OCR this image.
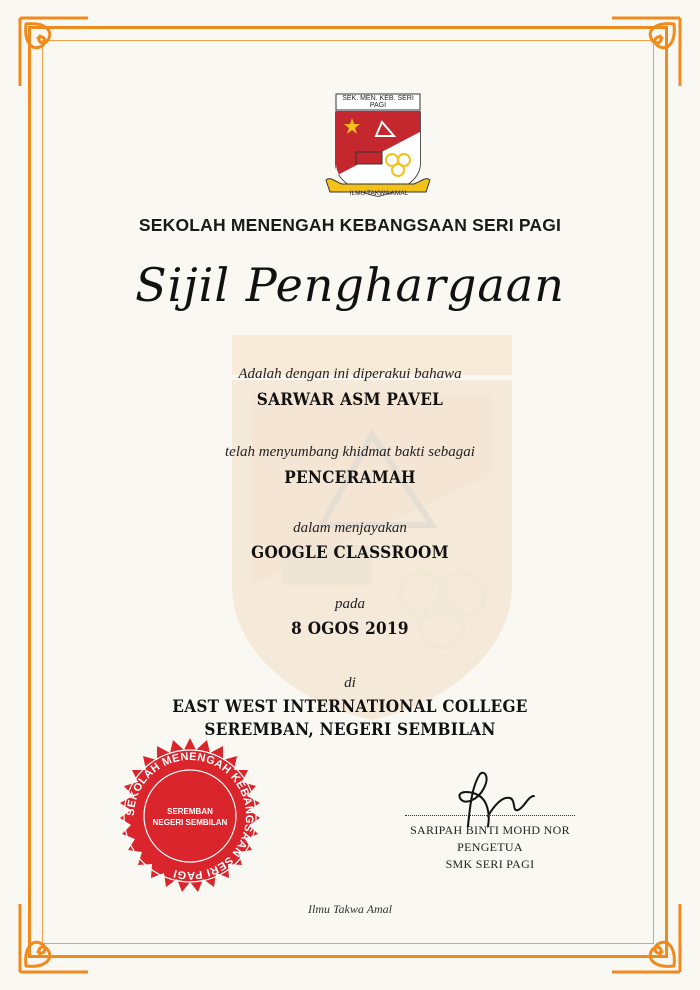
SEK. MEN. KEB. SERI PAGI
ILMU TAKWA AMAL
SEKOLAH MENENGAH KEBANGSAAN SERI PAGI
Sijil Penghargaan
Adalah dengan ini diperakui bahawa
SARWAR ASM PAVEL
telah menyumbang khidmat bakti sebagai
PENCERAMAH
dalam menjayakan
GOOGLE CLASSROOM
pada
8 OGOS 2019
di
EAST WEST INTERNATIONAL COLLEGE
SEREMBAN, NEGERI SEMBILAN
SEKOLAH MENENGAH KEBANGSAAN SERI PAGI
SEREMBAN
NEGERI SEMBILAN
SARIPAH BINTI MOHD NOR
PENGETUA
SMK SERI PAGI
Ilmu Takwa Amal
